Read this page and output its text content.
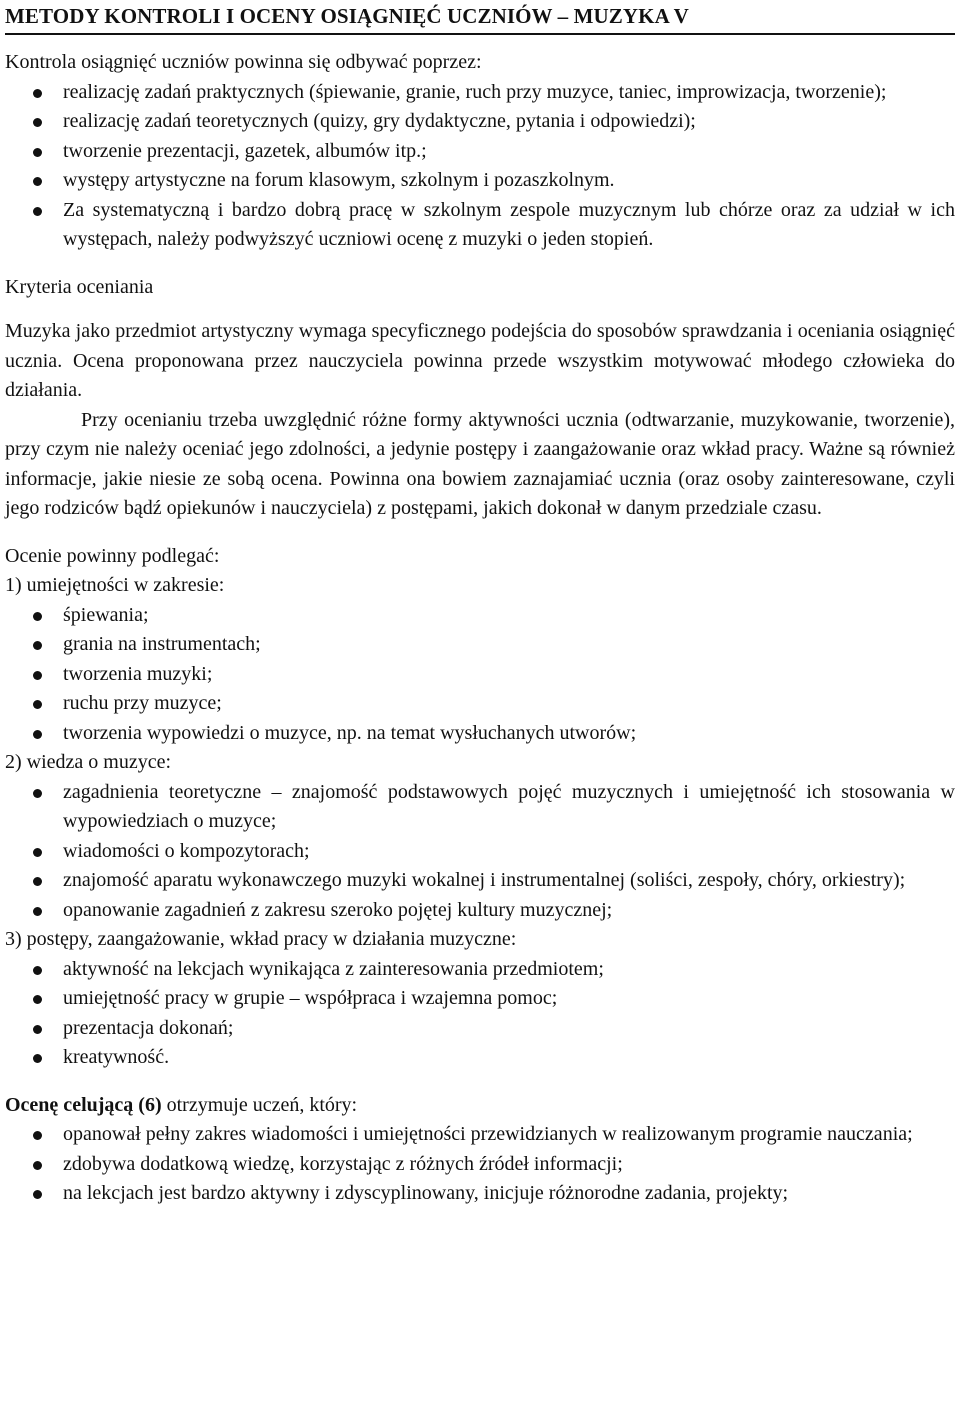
METODY KONTROLI I OCENY OSIĄGNIĘĆ UCZNIÓW – MUZYKA V

Kontrola osiągnięć uczniów powinna się odbywać poprzez:

realizację zadań praktycznych (śpiewanie, granie, ruch przy muzyce, taniec, improwizacja, tworzenie);
realizację zadań teoretycznych (quizy, gry dydaktyczne, pytania i odpowiedzi);
tworzenie prezentacji, gazetek, albumów itp.;
występy artystyczne na forum klasowym, szkolnym i pozaszkolnym.
Za systematyczną i bardzo dobrą pracę w szkolnym zespole muzycznym lub chórze oraz za udział w ich występach, należy podwyższyć uczniowi ocenę z muzyki o jeden stopień.

Kryteria oceniania

Muzyka jako przedmiot artystyczny wymaga specyficznego podejścia do sposobów sprawdzania i oceniania osiągnięć ucznia. Ocena proponowana przez nauczyciela powinna przede wszystkim motywować młodego człowieka do działania.

Przy ocenianiu trzeba uwzględnić różne formy aktywności ucznia (odtwarzanie, muzykowanie, tworzenie), przy czym nie należy oceniać jego zdolności, a jedynie postępy i zaangażowanie oraz wkład pracy. Ważne są również informacje, jakie niesie ze sobą ocena. Powinna ona bowiem zaznajamiać ucznia (oraz osoby zainteresowane, czyli jego rodziców bądź opiekunów i nauczyciela) z postępami, jakich dokonał w danym przedziale czasu.

Ocenie powinny podlegać:

1) umiejętności w zakresie:

śpiewania;
grania na instrumentach;
tworzenia muzyki;
ruchu przy muzyce;
tworzenia wypowiedzi o muzyce, np. na temat wysłuchanych utworów;

2) wiedza o muzyce:

zagadnienia teoretyczne – znajomość podstawowych pojęć muzycznych i umiejętność ich stosowania w wypowiedziach o muzyce;
wiadomości o kompozytorach;
znajomość aparatu wykonawczego muzyki wokalnej i instrumentalnej (soliści, zespoły, chóry, orkiestry);
opanowanie zagadnień z zakresu szeroko pojętej kultury muzycznej;

3) postępy, zaangażowanie, wkład pracy w działania muzyczne:

aktywność na lekcjach wynikająca z zainteresowania przedmiotem;
umiejętność pracy w grupie – współpraca i wzajemna pomoc;
prezentacja dokonań;
kreatywność.

Ocenę celującą (6) otrzymuje uczeń, który:

opanował pełny zakres wiadomości i umiejętności przewidzianych w realizowanym programie nauczania;
zdobywa dodatkową wiedzę, korzystając z różnych źródeł informacji;
na lekcjach jest bardzo aktywny i zdyscyplinowany, inicjuje różnorodne zadania, projekty;
